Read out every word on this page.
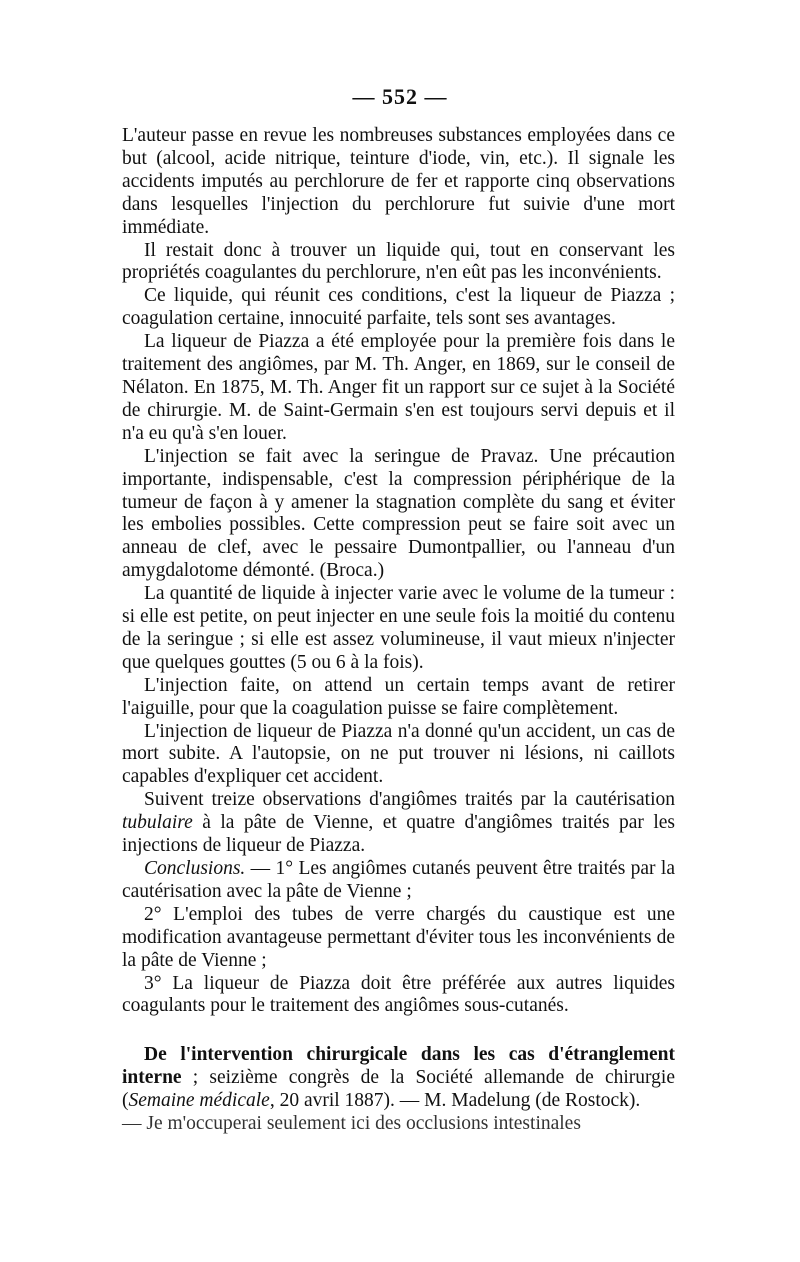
— 552 —

L'auteur passe en revue les nombreuses substances employées dans ce but (alcool, acide nitrique, teinture d'iode, vin, etc.). Il signale les accidents imputés au perchlorure de fer et rapporte cinq observations dans lesquelles l'injection du perchlorure fut suivie d'une mort immédiate.

Il restait donc à trouver un liquide qui, tout en conservant les propriétés coagulantes du perchlorure, n'en eût pas les inconvénients.

Ce liquide, qui réunit ces conditions, c'est la liqueur de Piazza ; coagulation certaine, innocuité parfaite, tels sont ses avantages.

La liqueur de Piazza a été employée pour la première fois dans le traitement des angiômes, par M. Th. Anger, en 1869, sur le conseil de Nélaton. En 1875, M. Th. Anger fit un rapport sur ce sujet à la Société de chirurgie. M. de Saint-Germain s'en est toujours servi depuis et il n'a eu qu'à s'en louer.

L'injection se fait avec la seringue de Pravaz. Une précaution importante, indispensable, c'est la compression périphérique de la tumeur de façon à y amener la stagnation complète du sang et éviter les embolies possibles. Cette compression peut se faire soit avec un anneau de clef, avec le pessaire Dumontpallier, ou l'anneau d'un amygdalotome démonté. (Broca.)

La quantité de liquide à injecter varie avec le volume de la tumeur : si elle est petite, on peut injecter en une seule fois la moitié du contenu de la seringue ; si elle est assez volumineuse, il vaut mieux n'injecter que quelques gouttes (5 ou 6 à la fois).

L'injection faite, on attend un certain temps avant de retirer l'aiguille, pour que la coagulation puisse se faire complètement.

L'injection de liqueur de Piazza n'a donné qu'un accident, un cas de mort subite. A l'autopsie, on ne put trouver ni lésions, ni caillots capables d'expliquer cet accident.

Suivent treize observations d'angiômes traités par la cautérisation tubulaire à la pâte de Vienne, et quatre d'angiômes traités par les injections de liqueur de Piazza.

Conclusions. — 1° Les angiômes cutanés peuvent être traités par la cautérisation avec la pâte de Vienne ;

2° L'emploi des tubes de verre chargés du caustique est une modification avantageuse permettant d'éviter tous les inconvénients de la pâte de Vienne ;

3° La liqueur de Piazza doit être préférée aux autres liquides coagulants pour le traitement des angiômes sous-cutanés.

De l'intervention chirurgicale dans les cas d'étranglement interne ; seizième congrès de la Société allemande de chirurgie (Semaine médicale, 20 avril 1887). — M. Madelung (de Rostock).

— Je m'occuperai seulement ici des occlusions intestinales
